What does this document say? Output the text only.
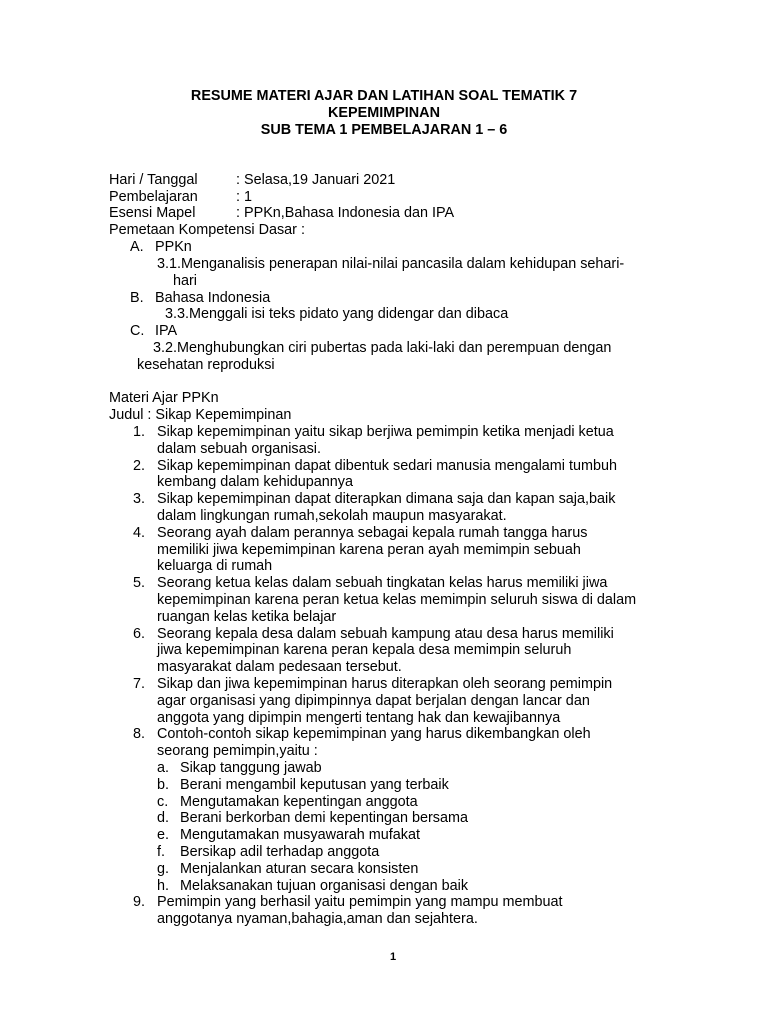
RESUME MATERI AJAR DAN LATIHAN SOAL TEMATIK 7
KEPEMIMPINAN
SUB TEMA 1 PEMBELAJARAN 1 – 6
Hari / Tanggal	: Selasa,19 Januari 2021
Pembelajaran	: 1
Esensi Mapel	: PPKn,Bahasa Indonesia dan IPA
Pemetaan Kompetensi Dasar :
A. PPKn
3.1.Menganalisis penerapan nilai-nilai pancasila dalam kehidupan sehari-
hari
B. Bahasa Indonesia
3.3.Menggali isi teks pidato yang didengar dan dibaca
C. IPA
3.2.Menghubungkan ciri pubertas pada laki-laki dan perempuan dengan
kesehatan reproduksi
Materi Ajar PPKn
Judul : Sikap Kepemimpinan
1. Sikap kepemimpinan yaitu sikap berjiwa pemimpin ketika menjadi ketua
dalam sebuah organisasi.
2. Sikap kepemimpinan dapat dibentuk sedari manusia mengalami tumbuh
kembang dalam kehidupannya
3. Sikap kepemimpinan dapat diterapkan dimana saja dan kapan saja,baik
dalam lingkungan rumah,sekolah maupun masyarakat.
4. Seorang ayah dalam perannya sebagai kepala rumah tangga harus
memiliki jiwa kepemimpinan karena peran ayah memimpin sebuah
keluarga di rumah
5. Seorang ketua kelas dalam sebuah tingkatan kelas harus memiliki jiwa
kepemimpinan karena peran ketua kelas memimpin seluruh siswa di dalam
ruangan kelas ketika belajar
6. Seorang kepala desa dalam sebuah kampung atau desa harus memiliki
jiwa kepemimpinan karena peran kepala desa memimpin seluruh
masyarakat dalam pedesaan tersebut.
7. Sikap dan jiwa kepemimpinan harus diterapkan oleh seorang pemimpin
agar organisasi yang dipimpinnya dapat berjalan dengan lancar dan
anggota yang dipimpin mengerti tentang hak dan kewajibannya
8. Contoh-contoh sikap kepemimpinan yang harus dikembangkan oleh
seorang pemimpin,yaitu :
a. Sikap tanggung jawab
b. Berani mengambil keputusan yang terbaik
c. Mengutamakan kepentingan anggota
d. Berani berkorban demi kepentingan bersama
e. Mengutamakan musyawarah mufakat
f. Bersikap adil terhadap anggota
g. Menjalankan aturan secara konsisten
h. Melaksanakan tujuan organisasi dengan baik
9. Pemimpin yang berhasil yaitu pemimpin yang mampu membuat
anggotanya nyaman,bahagia,aman dan sejahtera.
1
